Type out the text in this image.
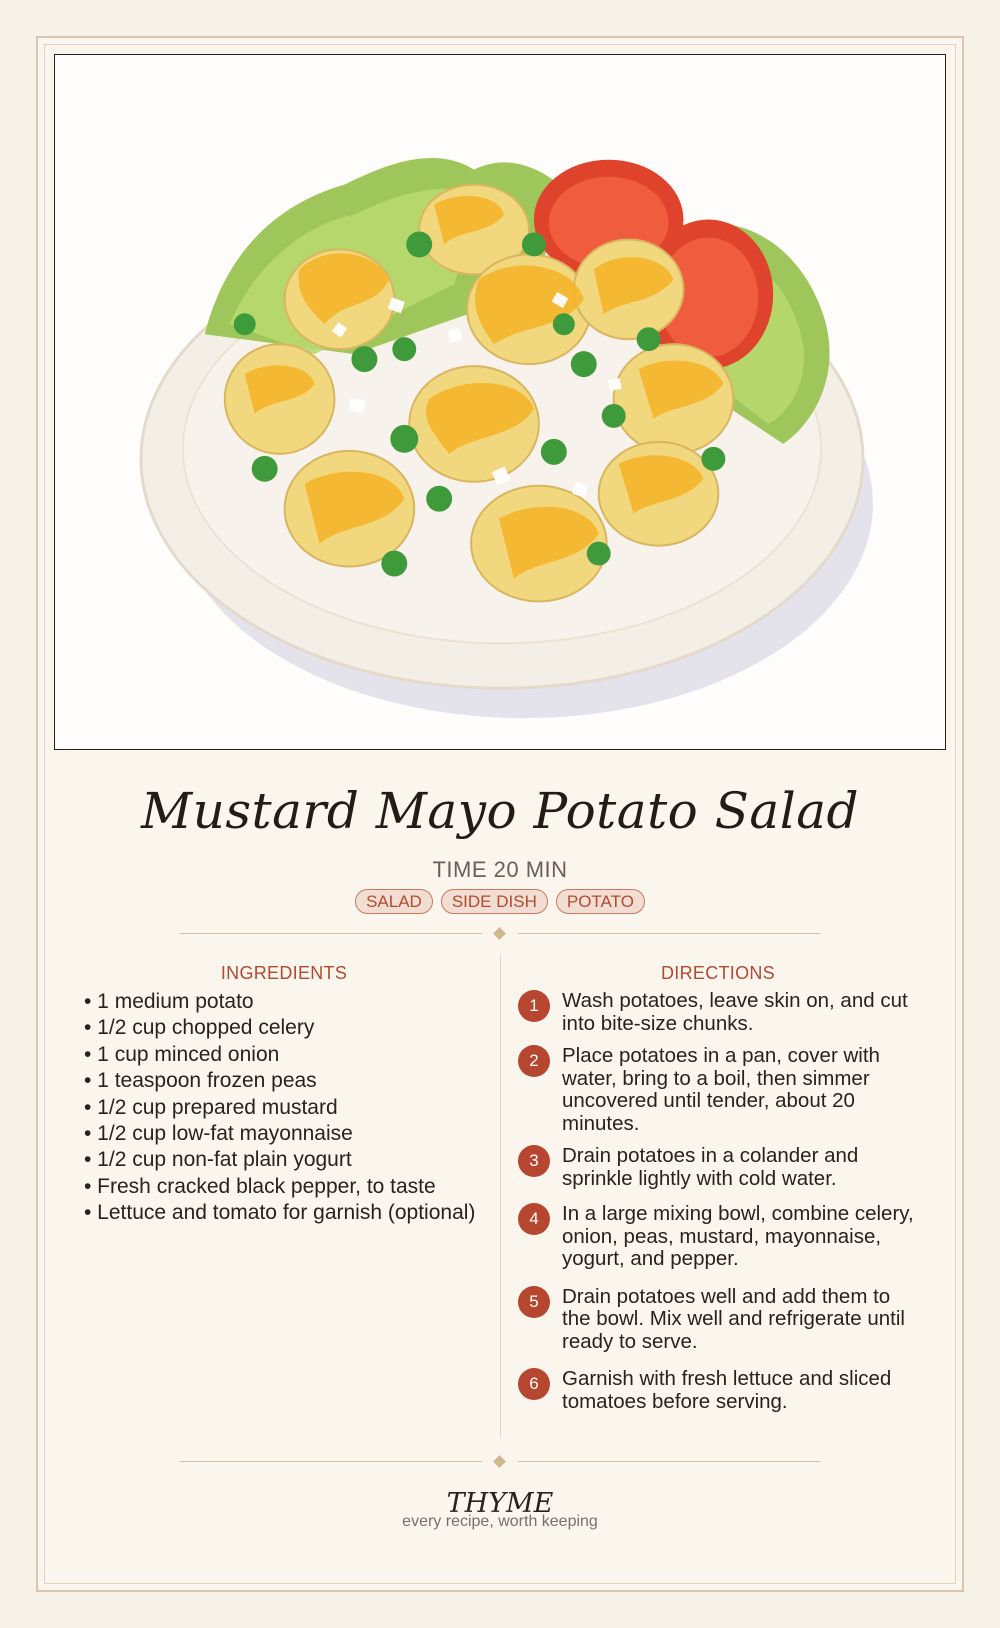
Mustard Mayo Potato Salad
TIME 20 MIN
SALAD	SIDE DISH	POTATO
INGREDIENTS
• 1 medium potato
• 1/2 cup chopped celery
• 1 cup minced onion
• 1 teaspoon frozen peas
• 1/2 cup prepared mustard
• 1/2 cup low-fat mayonnaise
• 1/2 cup non-fat plain yogurt
• Fresh cracked black pepper, to taste
• Lettuce and tomato for garnish (optional)
DIRECTIONS
1	Wash potatoes, leave skin on, and cut into bite-size chunks.
2	Place potatoes in a pan, cover with water, bring to a boil, then simmer uncovered until tender, about 20 minutes.
3	Drain potatoes in a colander and sprinkle lightly with cold water.
4	In a large mixing bowl, combine celery, onion, peas, mustard, mayonnaise, yogurt, and pepper.
5	Drain potatoes well and add them to the bowl. Mix well and refrigerate until ready to serve.
6	Garnish with fresh lettuce and sliced tomatoes before serving.
THYME
every recipe, worth keeping
